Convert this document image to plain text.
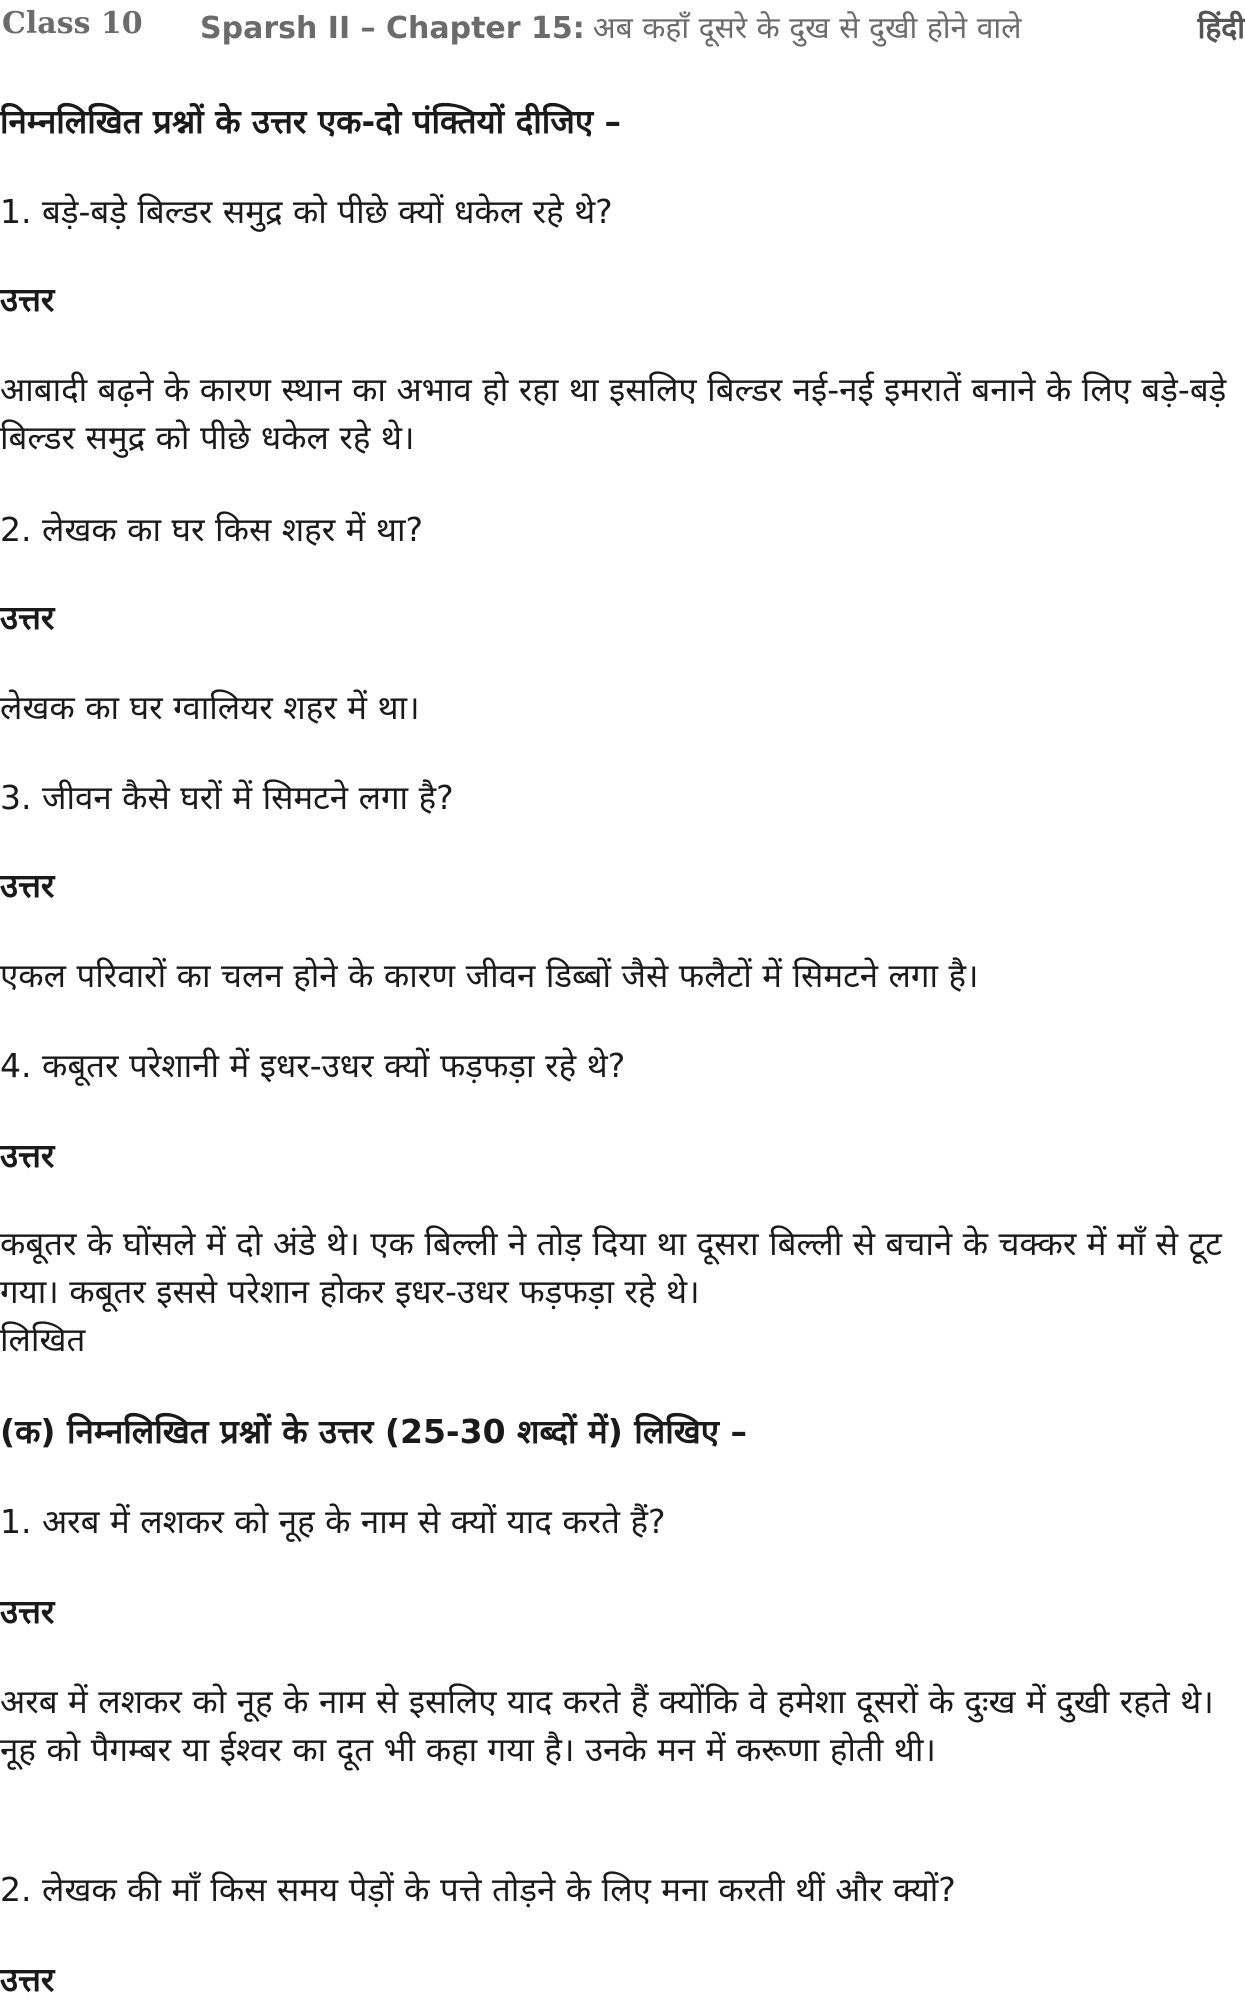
Class 10 Sparsh II – Chapter 15: अब कहाँ दूसरे के दुख से दुखी होने वाले	हिंदी

निम्नलिखित प्रश्नों के उत्तर एक-दो पंक्तियों दीजिए –

1. बड़े-बड़े बिल्डर समुद्र को पीछे क्यों धकेल रहे थे?

उत्तर

आबादी बढ़ने के कारण स्थान का अभाव हो रहा था इसलिए बिल्डर नई-नई इमरातें बनाने के लिए बड़े-बड़े बिल्डर समुद्र को पीछे धकेल रहे थे।

2. लेखक का घर किस शहर में था?

उत्तर

लेखक का घर ग्वालियर शहर में था।

3. जीवन कैसे घरों में सिमटने लगा है?

उत्तर

एकल परिवारों का चलन होने के कारण जीवन डिब्बों जैसे फलैटों में सिमटने लगा है।

4. कबूतर परेशानी में इधर-उधर क्यों फड़फड़ा रहे थे?

उत्तर

कबूतर के घोंसले में दो अंडे थे। एक बिल्ली ने तोड़ दिया था दूसरा बिल्ली से बचाने के चक्कर में माँ से टूट गया। कबूतर इससे परेशान होकर इधर-उधर फड़फड़ा रहे थे।

लिखित

(क) निम्नलिखित प्रश्नों के उत्तर (25-30 शब्दों में) लिखिए –

1. अरब में लशकर को नूह के नाम से क्यों याद करते हैं?

उत्तर

अरब में लशकर को नूह के नाम से इसलिए याद करते हैं क्योंकि वे हमेशा दूसरों के दुःख में दुखी रहते थे। नूह को पैगम्बर या ईश्वर का दूत भी कहा गया है। उनके मन में करूणा होती थी।

2. लेखक की माँ किस समय पेड़ों के पत्ते तोड़ने के लिए मना करती थीं और क्यों?

उत्तर
